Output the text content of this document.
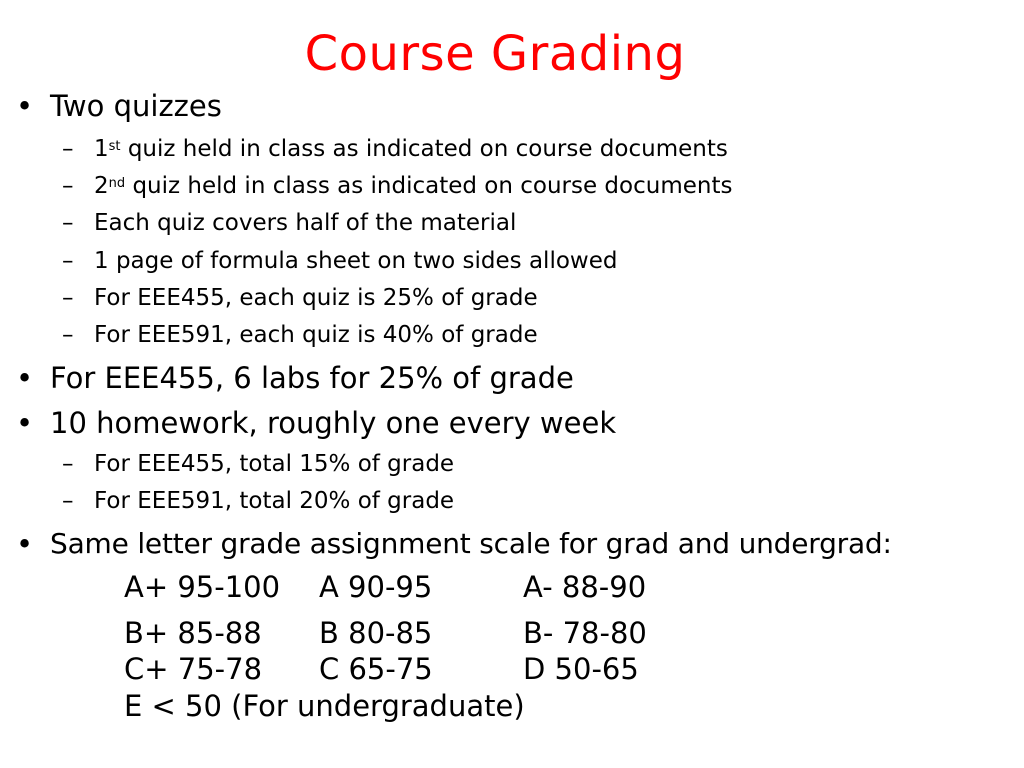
Course Grading
• Two quizzes
– 1st quiz held in class as indicated on course documents
– 2nd quiz held in class as indicated on course documents
– Each quiz covers half of the material
– 1 page of formula sheet on two sides allowed
– For EEE455, each quiz is 25% of grade
– For EEE591, each quiz is 40% of grade
• For EEE455, 6 labs for 25% of grade
• 10 homework, roughly one every week
– For EEE455, total 15% of grade
– For EEE591, total 20% of grade
• Same letter grade assignment scale for grad and undergrad:
A+ 95-100 A 90-95	A- 88-90
B+ 85-88 B 80-85	B- 78-80
C+ 75-78 C 65-75	D 50-65
E < 50 (For undergraduate)
